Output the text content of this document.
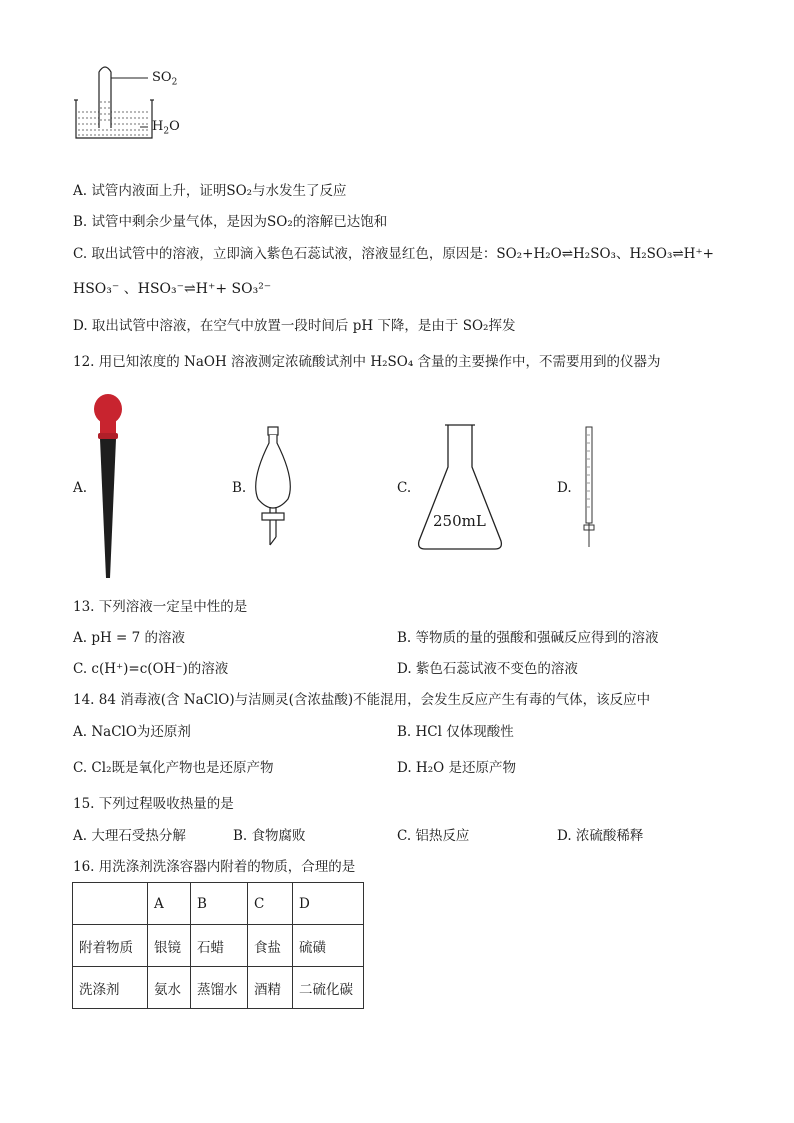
$SO_2$
$H_2O$
A. 试管内液面上升，证明SO₂与水发生了反应
B. 试管中剩余少量气体，是因为SO₂的溶解已达饱和
C. 取出试管中的溶液，立即滴入紫色石蕊试液，溶液显红色，原因是：SO₂+H₂O⇌H₂SO₃、H₂SO₃⇌H⁺+
HSO₃⁻ 、HSO₃⁻⇌H⁺+ SO₃²⁻
D. 取出试管中溶液，在空气中放置一段时间后 pH 下降，是由于 SO₂挥发
12. 用已知浓度的 NaOH 溶液测定浓硫酸试剂中 H₂SO₄ 含量的主要操作中，不需要用到的仪器为
A.	B.	C.
250mL
D.
13. 下列溶液一定呈中性的是
A. pH = 7 的溶液	B. 等物质的量的强酸和强碱反应得到的溶液
C. c(H⁺)=c(OH⁻)的溶液	D. 紫色石蕊试液不变色的溶液
14. 84 消毒液(含 NaClO)与洁厕灵(含浓盐酸)不能混用，会发生反应产生有毒的气体，该反应中
A. NaClO为还原剂	B. HCl 仅体现酸性
C. Cl₂既是氧化产物也是还原产物	D. H₂O 是还原产物
15. 下列过程吸收热量的是
A. 大理石受热分解	B. 食物腐败	C. 铝热反应	D. 浓硫酸稀释
16. 用洗涤剂洗涤容器内附着的物质，合理的是
	A	B	C	D
附着物质	银镜	石蜡	食盐	硫磺
洗涤剂	氨水	蒸馏水	酒精	二硫化碳
